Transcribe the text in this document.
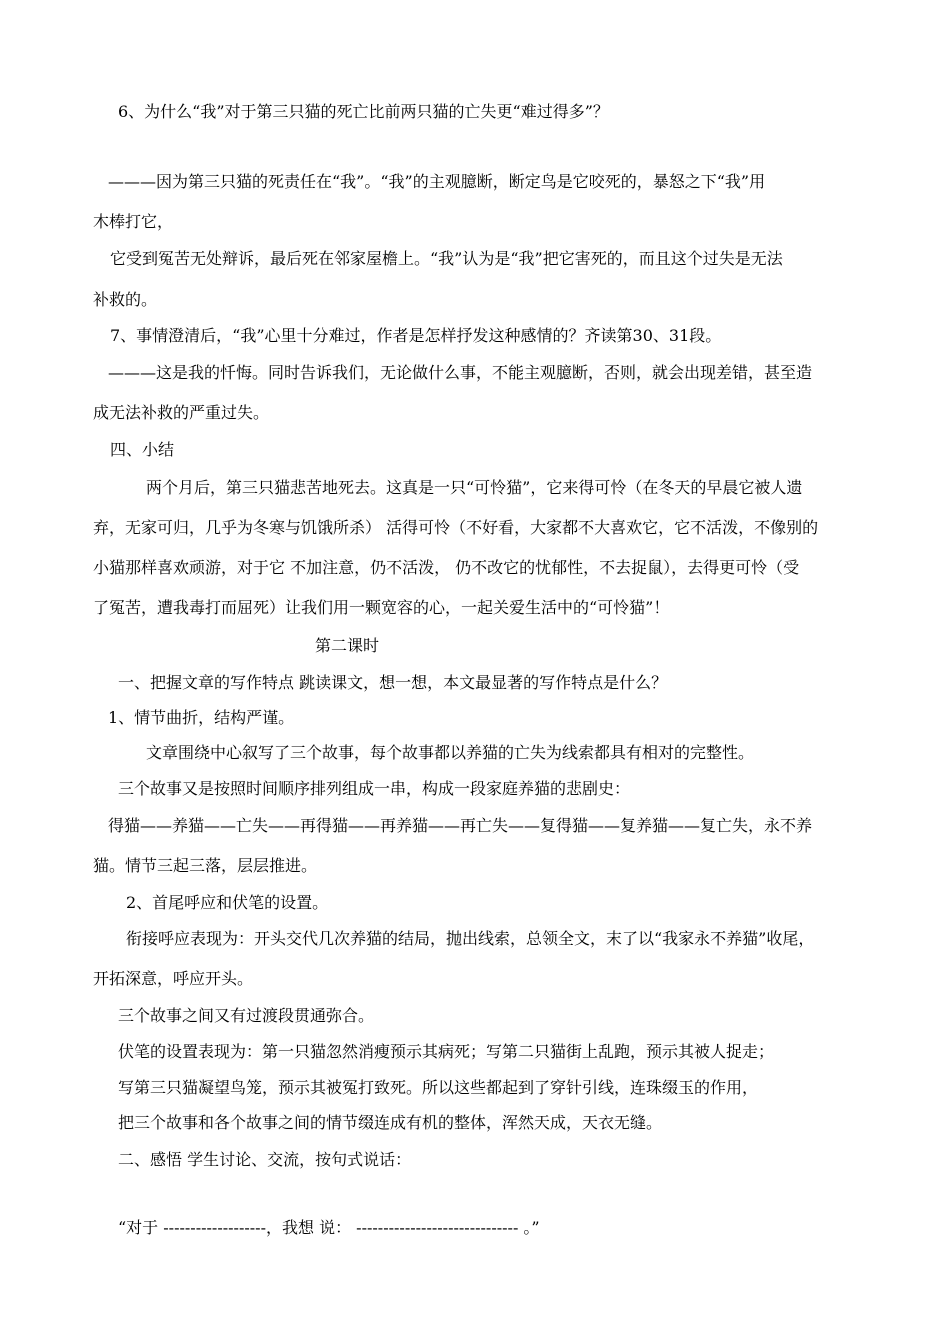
6、为什么“我”对于第三只猫的死亡比前两只猫的亡失更“难过得多”？
———因为第三只猫的死责任在“我”。“我”的主观臆断，断定鸟是它咬死的，暴怒之下“我”用
木棒打它，
它受到冤苦无处辩诉，最后死在邻家屋檐上。“我”认为是“我”把它害死的，而且这个过失是无法
补救的。
7、事情澄清后，“我”心里十分难过，作者是怎样抒发这种感情的？齐读第30、31段。
———这是我的忏悔。同时告诉我们，无论做什么事，不能主观臆断，否则，就会出现差错，甚至造
成无法补救的严重过失。
四、小结
两个月后，第三只猫悲苦地死去。这真是一只“可怜猫”，它来得可怜（在冬天的早晨它被人遗
弃，无家可归，几乎为冬寒与饥饿所杀） 活得可怜（不好看，大家都不大喜欢它，它不活泼，不像别的
小猫那样喜欢顽游，对于它 不加注意，仍不活泼， 仍不改它的忧郁性，不去捉鼠），去得更可怜（受
了冤苦，遭我毒打而屈死）让我们用一颗宽容的心，一起关爱生活中的“可怜猫”！
第二课时
一、把握文章的写作特点 跳读课文，想一想，本文最显著的写作特点是什么？
1、情节曲折，结构严谨。
文章围绕中心叙写了三个故事，每个故事都以养猫的亡失为线索都具有相对的完整性。
三个故事又是按照时间顺序排列组成一串，构成一段家庭养猫的悲剧史：
得猫——养猫——亡失——再得猫——再养猫——再亡失——复得猫——复养猫——复亡失，永不养
猫。情节三起三落，层层推进。
2、首尾呼应和伏笔的设置。
衔接呼应表现为：开头交代几次养猫的结局，抛出线索，总领全文，末了以“我家永不养猫”收尾，
开拓深意，呼应开头。
三个故事之间又有过渡段贯通弥合。
伏笔的设置表现为：第一只猫忽然消瘦预示其病死；写第二只猫街上乱跑，预示其被人捉走；
写第三只猫凝望鸟笼，预示其被冤打致死。所以这些都起到了穿针引线，连珠缀玉的作用，
把三个故事和各个故事之间的情节缀连成有机的整体，浑然天成，天衣无缝。
二、感悟 学生讨论、交流，按句式说话：
“对于 -------------------，我想 说： ------------------------------ 。”
